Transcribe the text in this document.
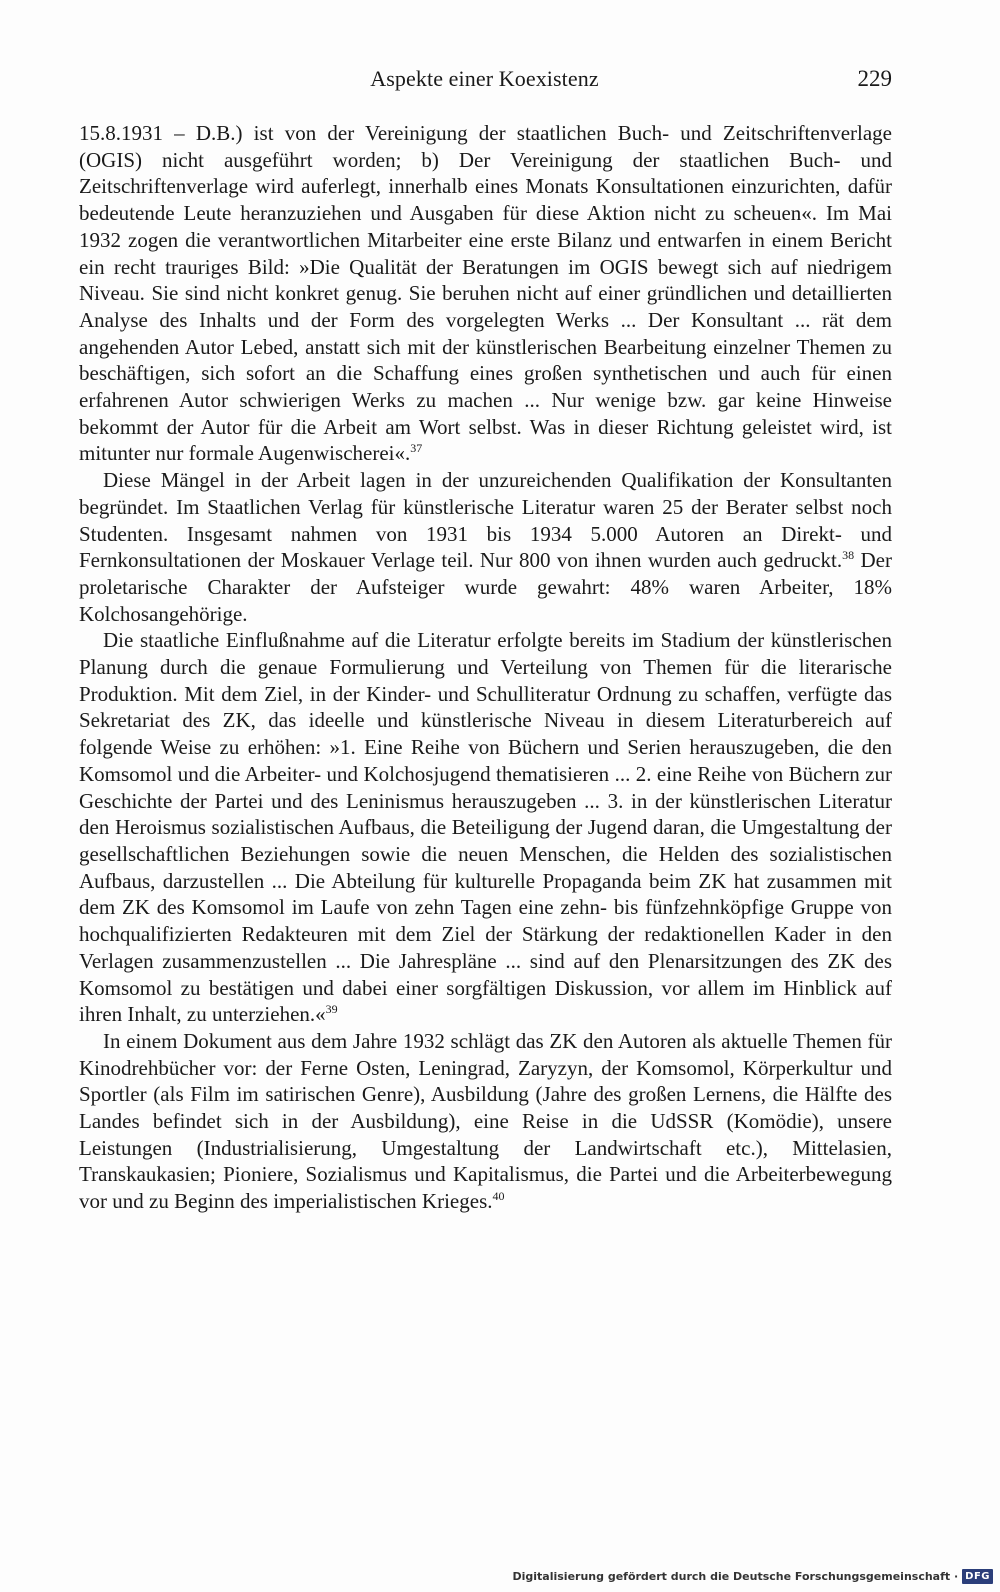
Aspekte einer Koexistenz	229

15.8.1931 – D.B.) ist von der Vereinigung der staatlichen Buch- und Zeitschriftenverlage (OGIS) nicht ausgeführt worden; b) Der Vereinigung der staatlichen Buch- und Zeitschriftenverlage wird auferlegt, innerhalb eines Monats Konsultationen einzurichten, dafür bedeutende Leute heranzuziehen und Ausgaben für diese Aktion nicht zu scheuen«. Im Mai 1932 zogen die verantwortlichen Mitarbeiter eine erste Bilanz und entwarfen in einem Bericht ein recht trauriges Bild: »Die Qualität der Beratungen im OGIS bewegt sich auf niedrigem Niveau. Sie sind nicht konkret genug. Sie beruhen nicht auf einer gründlichen und detaillierten Analyse des Inhalts und der Form des vorgelegten Werks ... Der Konsultant ... rät dem angehenden Autor Lebed, anstatt sich mit der künstlerischen Bearbeitung einzelner Themen zu beschäftigen, sich sofort an die Schaffung eines großen synthetischen und auch für einen erfahrenen Autor schwierigen Werks zu machen ... Nur wenige bzw. gar keine Hinweise bekommt der Autor für die Arbeit am Wort selbst. Was in dieser Richtung geleistet wird, ist mitunter nur formale Augenwischerei«.$^{37}$

Diese Mängel in der Arbeit lagen in der unzureichenden Qualifikation der Konsultanten begründet. Im Staatlichen Verlag für künstlerische Literatur waren 25 der Berater selbst noch Studenten. Insgesamt nahmen von 1931 bis 1934 5.000 Autoren an Direkt- und Fernkonsultationen der Moskauer Verlage teil. Nur 800 von ihnen wurden auch gedruckt.$^{38}$ Der proletarische Charakter der Aufsteiger wurde gewahrt: 48% waren Arbeiter, 18% Kolchosangehörige.

Die staatliche Einflußnahme auf die Literatur erfolgte bereits im Stadium der künstlerischen Planung durch die genaue Formulierung und Verteilung von Themen für die literarische Produktion. Mit dem Ziel, in der Kinder- und Schulliteratur Ordnung zu schaffen, verfügte das Sekretariat des ZK, das ideelle und künstlerische Niveau in diesem Literaturbereich auf folgende Weise zu erhöhen: »1. Eine Reihe von Büchern und Serien herauszugeben, die den Komsomol und die Arbeiter- und Kolchosjugend thematisieren ... 2. eine Reihe von Büchern zur Geschichte der Partei und des Leninismus herauszugeben ... 3. in der künstlerischen Literatur den Heroismus sozialistischen Aufbaus, die Beteiligung der Jugend daran, die Umgestaltung der gesellschaftlichen Beziehungen sowie die neuen Menschen, die Helden des sozialistischen Aufbaus, darzustellen ... Die Abteilung für kulturelle Propaganda beim ZK hat zusammen mit dem ZK des Komsomol im Laufe von zehn Tagen eine zehn- bis fünfzehnköpfige Gruppe von hochqualifizierten Redakteuren mit dem Ziel der Stärkung der redaktionellen Kader in den Verlagen zusammenzustellen ... Die Jahrespläne ... sind auf den Plenarsitzungen des ZK des Komsomol zu bestätigen und dabei einer sorgfältigen Diskussion, vor allem im Hinblick auf ihren Inhalt, zu unterziehen.«$^{39}$

In einem Dokument aus dem Jahre 1932 schlägt das ZK den Autoren als aktuelle Themen für Kinodrehbücher vor: der Ferne Osten, Leningrad, Zaryzyn, der Komsomol, Körperkultur und Sportler (als Film im satirischen Genre), Ausbildung (Jahre des großen Lernens, die Hälfte des Landes befindet sich in der Ausbildung), eine Reise in die UdSSR (Komödie), unsere Leistungen (Industrialisierung, Umgestaltung der Landwirtschaft etc.), Mittelasien, Transkaukasien; Pioniere, Sozialismus und Kapitalismus, die Partei und die Arbeiterbewegung vor und zu Beginn des imperialistischen Krieges.$^{40}$

Digitalisierung gefördert durch die Deutsche Forschungsgemeinschaft · DFG
